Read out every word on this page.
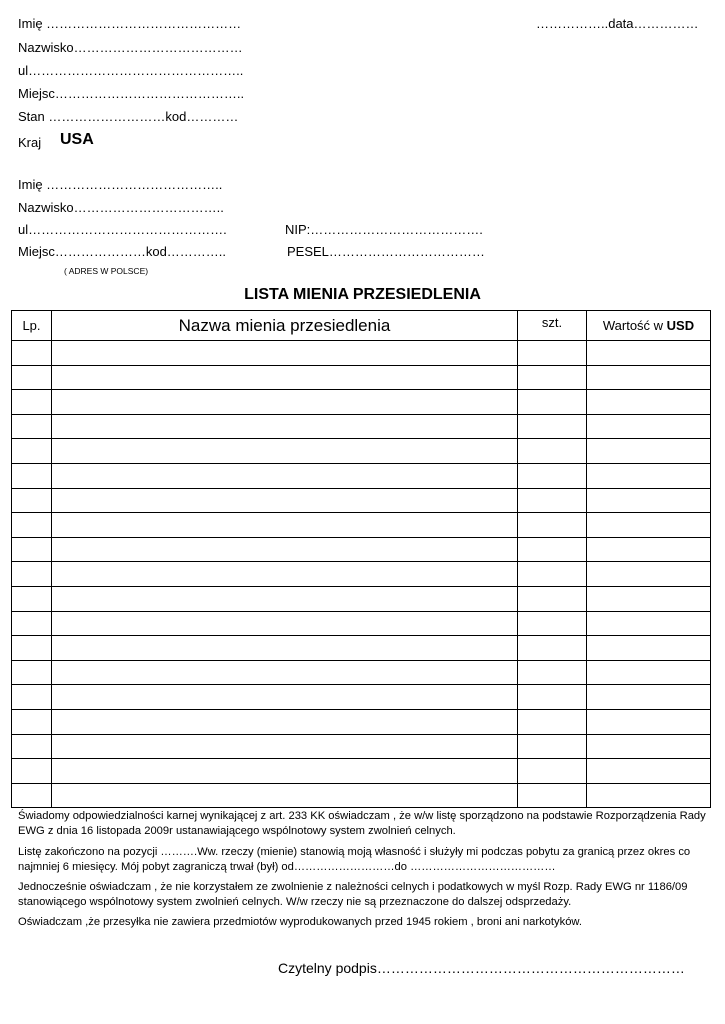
Imię ………………………………………	……………..data……………
Nazwisko…………………………………
ul…………………………………………..
Miejsc……………………………………..
Stan ………………………kod…………
Kraj USA
Imię …………………………………..
Nazwisko……………………………..
ul……………………………………….	NIP:………………………………….
Miejsc…………………kod…………..	PESEL………………………………
( ADRES W POLSCE)
LISTA MIENIA PRZESIEDLENIA
Lp.	Nazwa mienia przesiedlenia	szt.	Wartość w USD

Świadomy odpowiedzialności karnej wynikającej z art. 233 KK oświadczam , że w/w listę sporządzono na podstawie Rozporządzenia Rady EWG z dnia 16 listopada 2009r ustanawiającego wspólnotowy system zwolnień celnych.
Listę zakończono na pozycji ……….Ww. rzeczy (mienie) stanowią moją własność i służyły mi podczas pobytu za granicą przez okres co najmniej 6 miesięcy. Mój pobyt zagraniczą trwał (był) od………………………do …………………………………
Jednocześnie oświadczam , że nie korzystałem ze zwolnienie z należności celnych i podatkowych w myśl Rozp. Rady EWG nr 1186/09 stanowiącego wspólnotowy system zwolnień celnych. W/w rzeczy nie są przeznaczone do dalszej odsprzedaży.
Oświadczam ,że przesyłka nie zawiera przedmiotów wyprodukowanych przed 1945 rokiem , broni ani narkotyków.
Czytelny podpis…………………………………………………………
